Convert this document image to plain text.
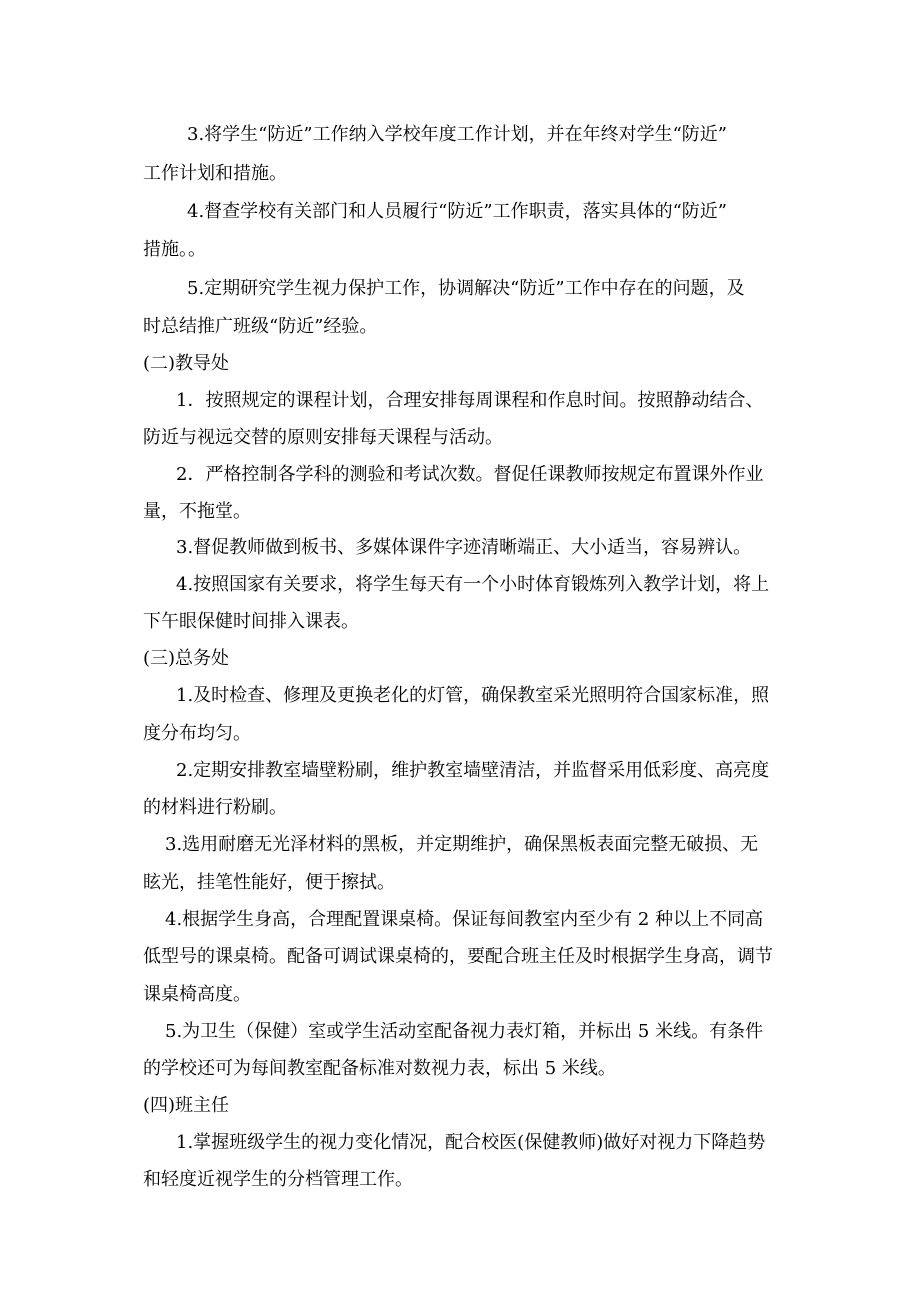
3.将学生“防近”工作纳入学校年度工作计划，并在年终对学生“防近”
工作计划和措施。
4.督查学校有关部门和人员履行“防近”工作职责，落实具体的“防近”
措施。。
5.定期研究学生视力保护工作，协调解决“防近”工作中存在的问题，及
时总结推广班级“防近”经验。
(二)教导处
1．按照规定的课程计划，合理安排每周课程和作息时间。按照静动结合、
防近与视远交替的原则安排每天课程与活动。
2．严格控制各学科的测验和考试次数。督促任课教师按规定布置课外作业
量，不拖堂。
3.督促教师做到板书、多媒体课件字迹清晰端正、大小适当，容易辨认。
4.按照国家有关要求，将学生每天有一个小时体育锻炼列入教学计划，将上
下午眼保健时间排入课表。
(三)总务处
1.及时检查、修理及更换老化的灯管，确保教室采光照明符合国家标准，照
度分布均匀。
2.定期安排教室墙壁粉刷，维护教室墙壁清洁，并监督采用低彩度、高亮度
的材料进行粉刷。
3.选用耐磨无光泽材料的黑板，并定期维护，确保黑板表面完整无破损、无
眩光，挂笔性能好，便于擦拭。
4.根据学生身高，合理配置课桌椅。保证每间教室内至少有 2 种以上不同高
低型号的课桌椅。配备可调试课桌椅的，要配合班主任及时根据学生身高，调节
课桌椅高度。
5.为卫生（保健）室或学生活动室配备视力表灯箱，并标出 5 米线。有条件
的学校还可为每间教室配备标准对数视力表，标出 5 米线。
(四)班主任
1.掌握班级学生的视力变化情况，配合校医(保健教师)做好对视力下降趋势
和轻度近视学生的分档管理工作。
